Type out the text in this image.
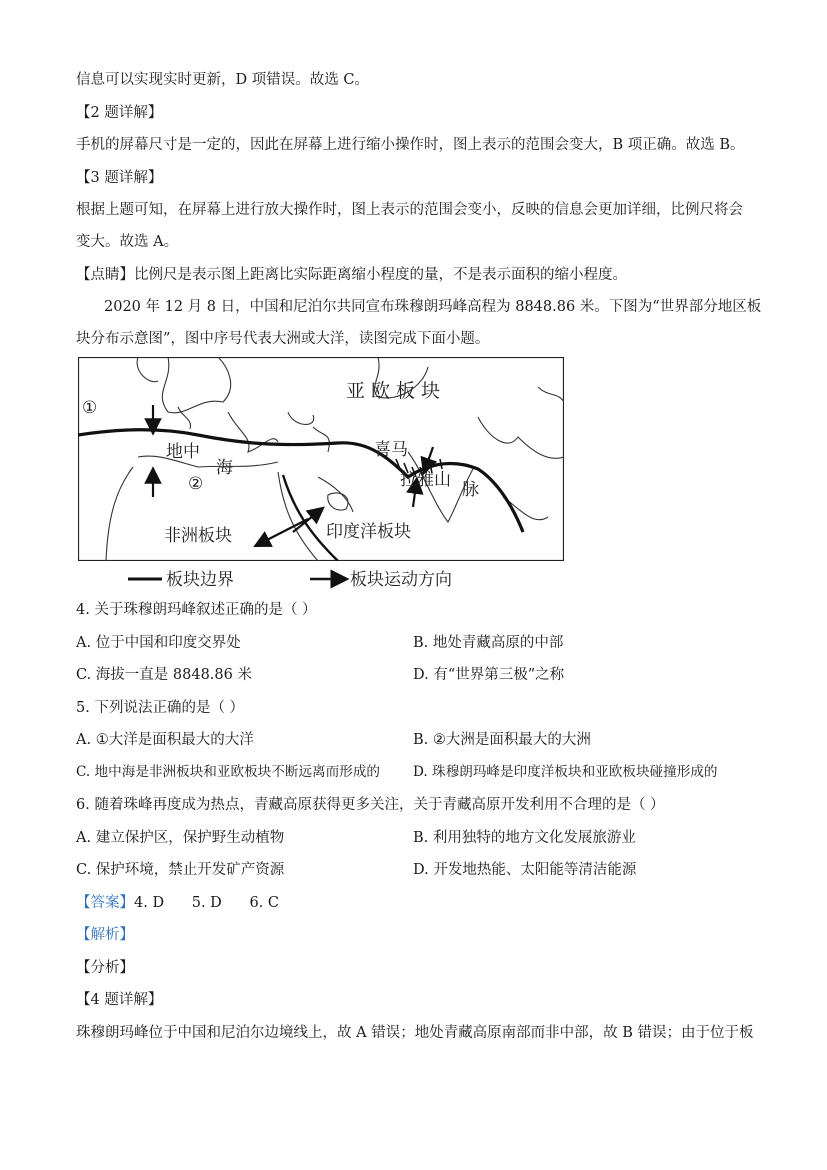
信息可以实现实时更新，D 项错误。故选 C。
【2 题详解】
手机的屏幕尺寸是一定的，因此在屏幕上进行缩小操作时，图上表示的范围会变大，B 项正确。故选 B。
【3 题详解】
根据上题可知，在屏幕上进行放大操作时，图上表示的范围会变小，反映的信息会更加详细，比例尺将会
变大。故选 A。
【点睛】比例尺是表示图上距离比实际距离缩小程度的量，不是表示面积的缩小程度。
2020 年 12 月 8 日，中国和尼泊尔共同宣布珠穆朗玛峰高程为 8848.86 米。下图为“世界部分地区板
块分布示意图”，图中序号代表大洲或大洋，读图完成下面小题。
亚欧板块
①
②
地中
海
喜马
拉雅山 脉
非洲板块	印度洋板块
板块边界	板块运动方向
4. 关于珠穆朗玛峰叙述正确的是（ ）
A. 位于中国和印度交界处	B. 地处青藏高原的中部
C. 海拔一直是 8848.86 米	D. 有“世界第三极”之称
5. 下列说法正确的是（ ）
A. ①大洋是面积最大的大洋	B. ②大洲是面积最大的大洲
C. 地中海是非洲板块和亚欧板块不断远离而形成的 D. 珠穆朗玛峰是印度洋板块和亚欧板块碰撞形成的
6. 随着珠峰再度成为热点，青藏高原获得更多关注，关于青藏高原开发利用不合理的是（ ）
A. 建立保护区，保护野生动植物	B. 利用独特的地方文化发展旅游业
C. 保护环境，禁止开发矿产资源	D. 开发地热能、太阳能等清洁能源
【答案】4. D      5. D      6. C
【解析】
【分析】
【4 题详解】
珠穆朗玛峰位于中国和尼泊尔边境线上，故 A 错误；地处青藏高原南部而非中部，故 B 错误；由于位于板
